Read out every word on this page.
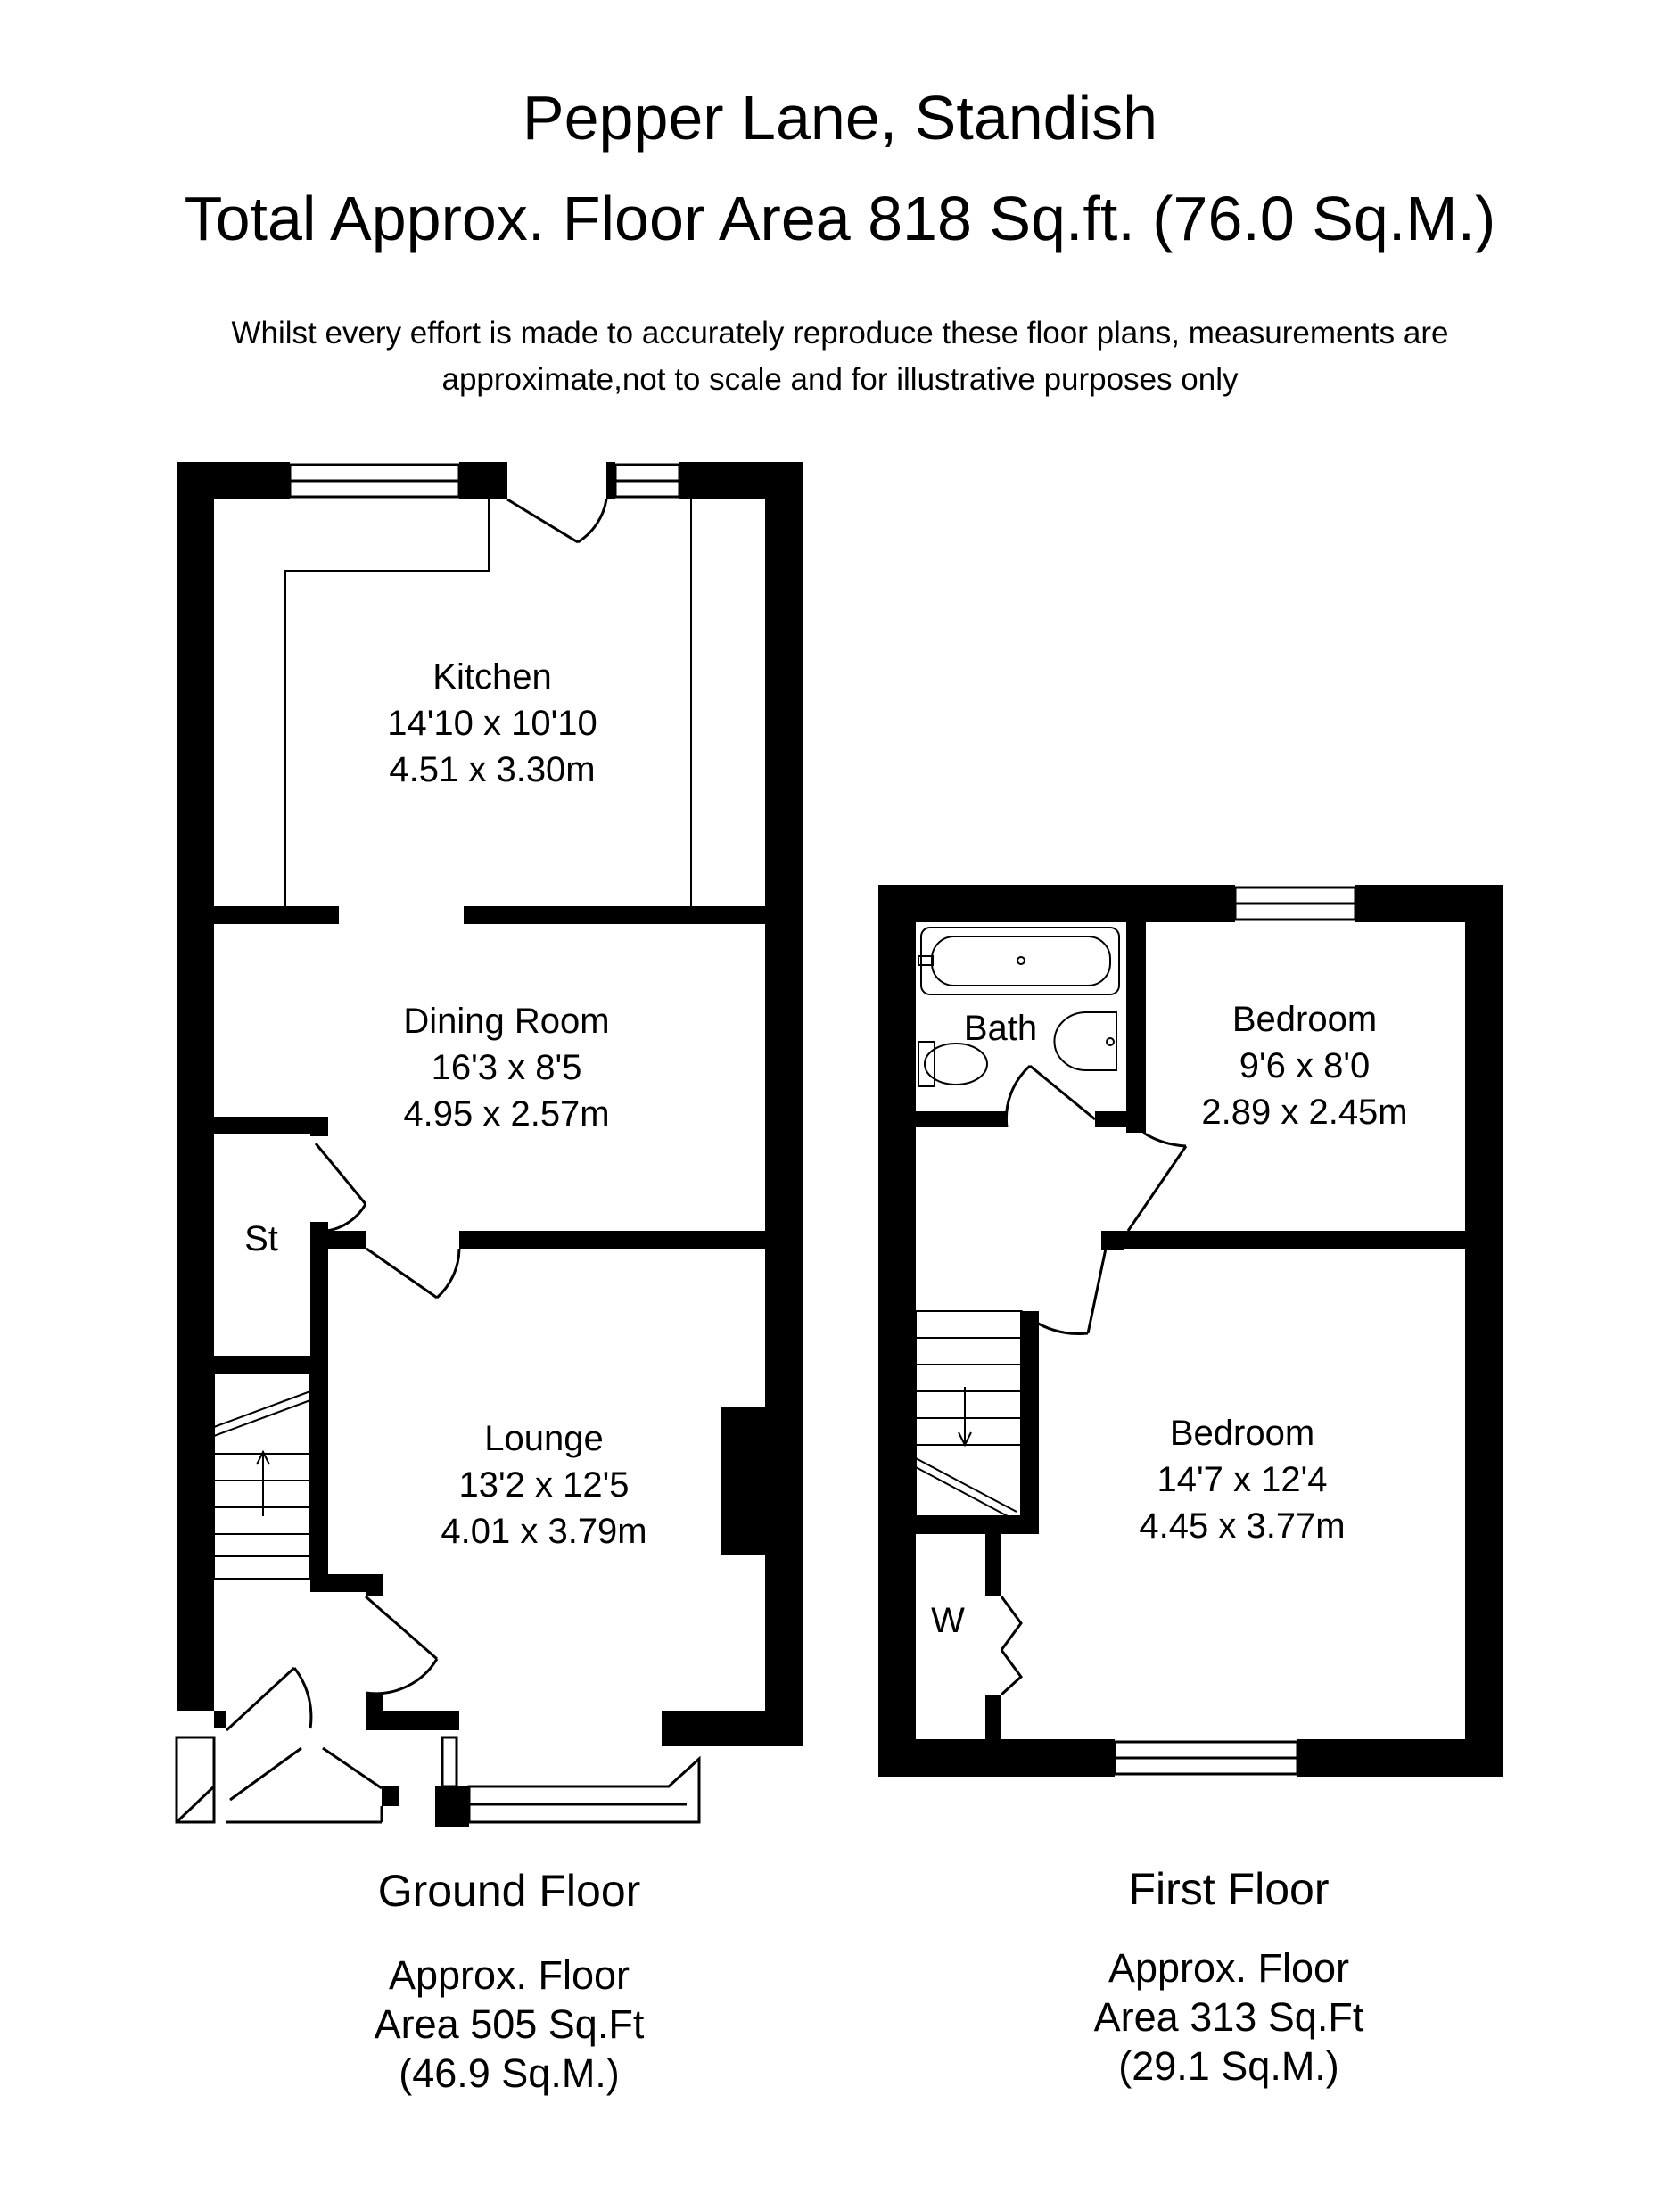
Pepper Lane, Standish
Total Approx. Floor Area 818 Sq.ft. (76.0 Sq.M.)
Whilst every effort is made to accurately reproduce these floor plans, measurements are
approximate,not to scale and for illustrative purposes only
Kitchen
14'10 x 10'10
4.51 x 3.30m
Dining Room
16'3 x 8'5
4.95 x 2.57m
St
Lounge
13'2 x 12'5
4.01 x 3.79m
Bath	Bedroom
9'6 x 8'0
2.89 x 2.45m
Bedroom
14'7 x 12'4
4.45 x 3.77m
W
Ground Floor
Approx. Floor
Area 505 Sq.Ft
(46.9 Sq.M.)
First Floor
Approx. Floor
Area 313 Sq.Ft
(29.1 Sq.M.)
